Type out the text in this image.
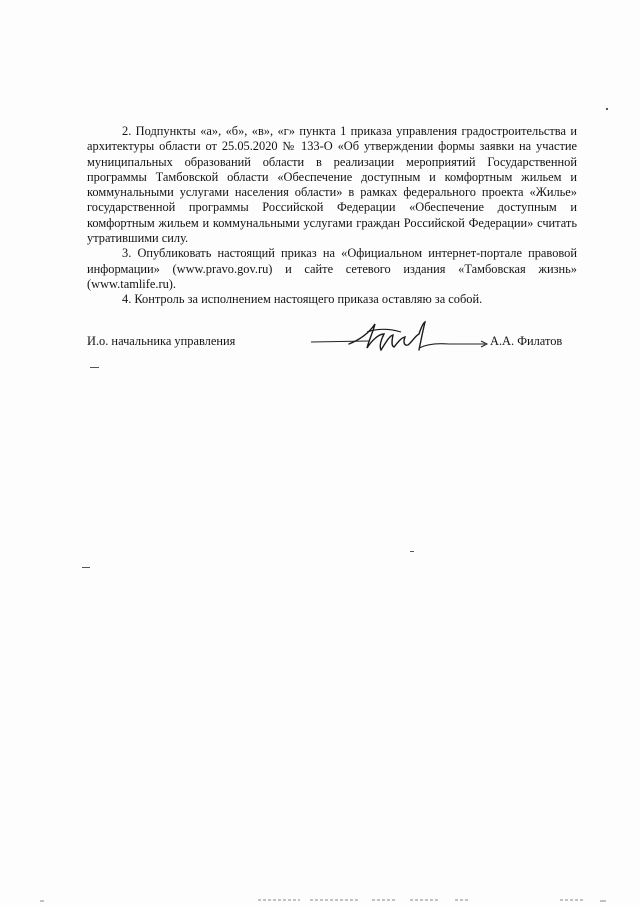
2. Подпункты «а», «б», «в», «г» пункта 1 приказа управления градостроительства и архитектуры области от 25.05.2020 № 133-О «Об утверждении формы заявки на участие муниципальных образований области в реализации мероприятий Государственной программы Тамбовской области «Обеспечение доступным и комфортным жильем и коммунальными услугами населения области» в рамках федерального проекта «Жилье» государственной программы Российской Федерации «Обеспечение доступным и комфортным жильем и коммунальными услугами граждан Российской Федерации» считать утратившими силу.

3. Опубликовать настоящий приказ на «Официальном интернет-портале правовой информации» (www.pravo.gov.ru) и сайте сетевого издания «Тамбовская жизнь» (www.tamlife.ru).

4. Контроль за исполнением настоящего приказа оставляю за собой.

И.о. начальника управления	А.А. Филатов
